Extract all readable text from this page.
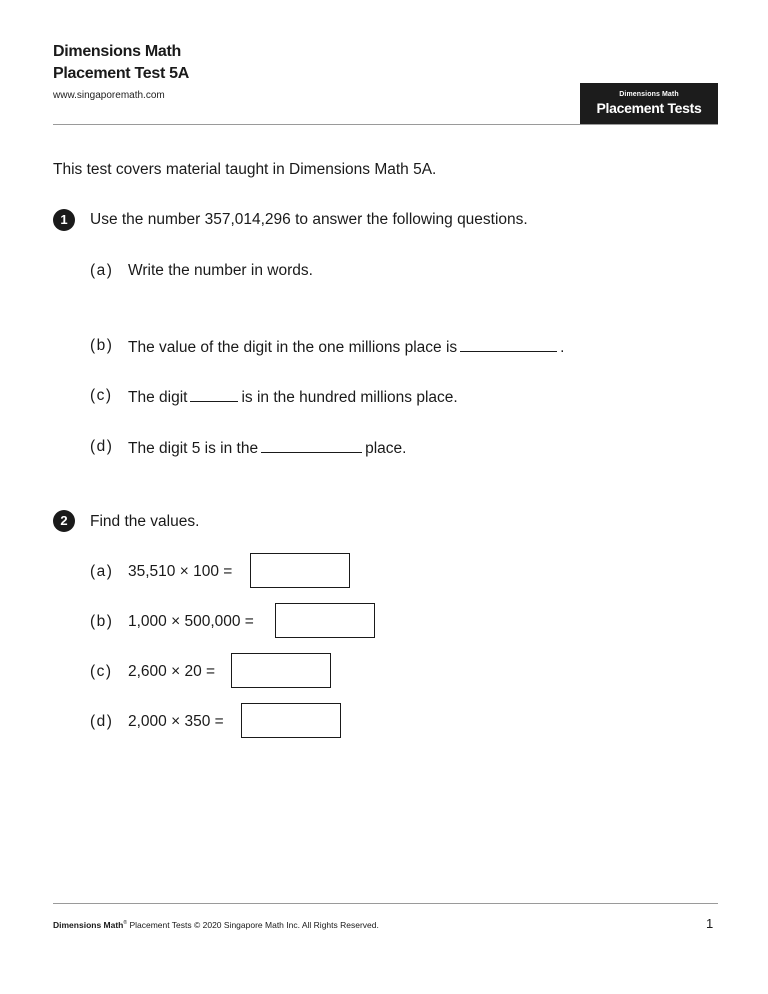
Dimensions Math
Placement Test 5A
www.singaporemath.com	Dimensions Math
Placement Tests
This test covers material taught in Dimensions Math 5A.
1	Use the number 357,014,296 to answer the following questions.
(a) Write the number in words.
(b) The value of the digit in the one millions place is	.
(c) The digit	is in the hundred millions place.
(d) The digit 5 is in the	place.
2	Find the values.
(a) 35,510 × 100 =
(b) 1,000 × 500,000 =
(c) 2,600 × 20 =
(d) 2,000 × 350 =
Dimensions Math® Placement Tests © 2020 Singapore Math Inc. All Rights Reserved.	1
